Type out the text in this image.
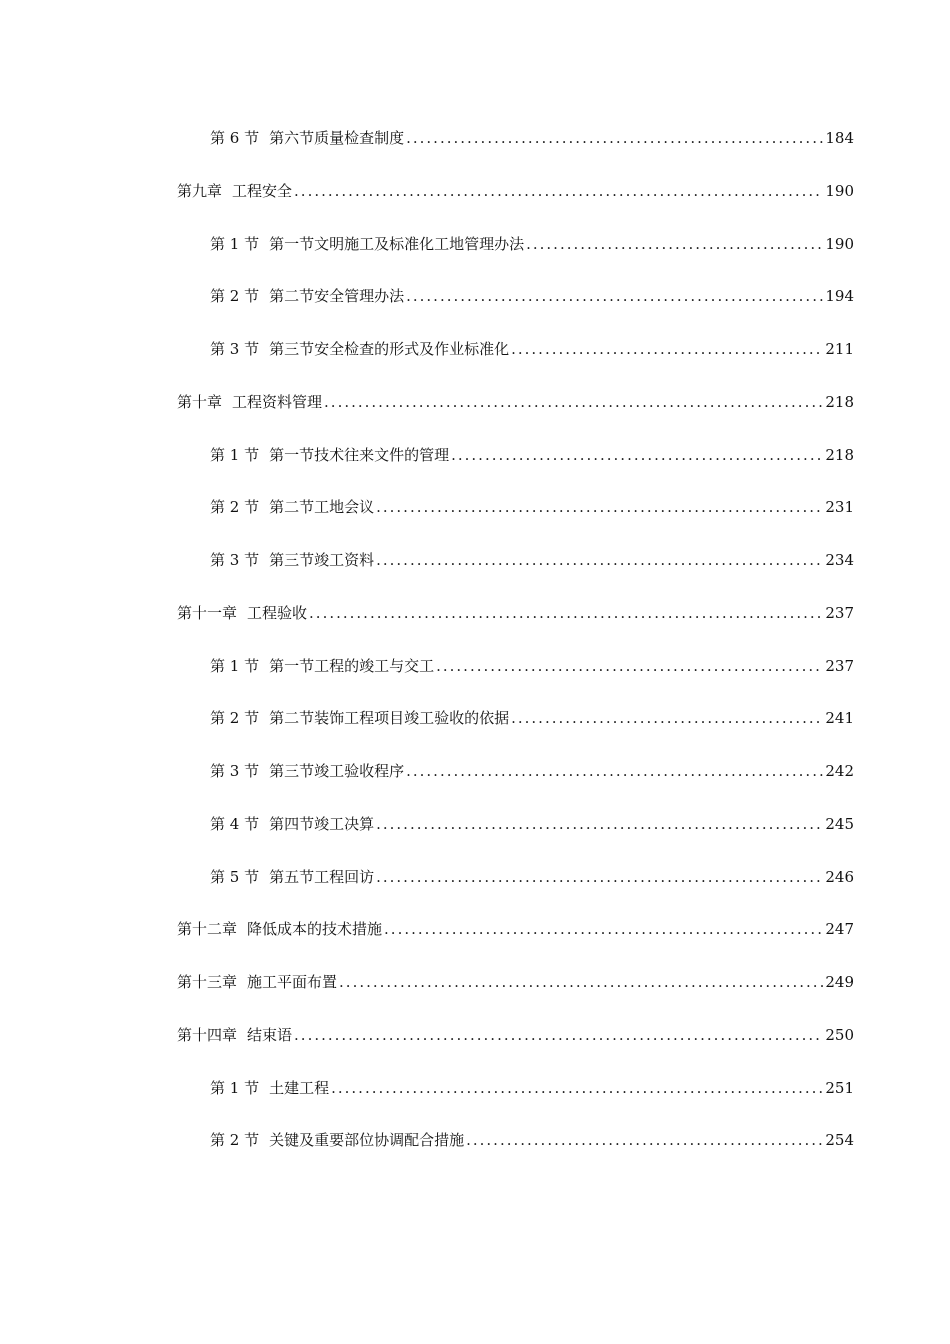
第 6 节 第六节质量检查制度 .....	184
第九章 工程安全 .....	190
第 1 节 第一节文明施工及标准化工地管理办法 .....	190
第 2 节 第二节安全管理办法 .....	194
第 3 节 第三节安全检查的形式及作业标准化 .....	211
第十章 工程资料管理 .....	218
第 1 节 第一节技术往来文件的管理 .....	218
第 2 节 第二节工地会议 .....	231
第 3 节 第三节竣工资料 .....	234
第十一章 工程验收 .....	237
第 1 节 第一节工程的竣工与交工 .....	237
第 2 节 第二节装饰工程项目竣工验收的依据 .....	241
第 3 节 第三节竣工验收程序 .....	242
第 4 节 第四节竣工决算 .....	245
第 5 节 第五节工程回访 .....	246
第十二章 降低成本的技术措施 .....	247
第十三章 施工平面布置 .....	249
第十四章 结束语 .....	250
第 1 节 土建工程 .....	251
第 2 节 关键及重要部位协调配合措施 .....	254
